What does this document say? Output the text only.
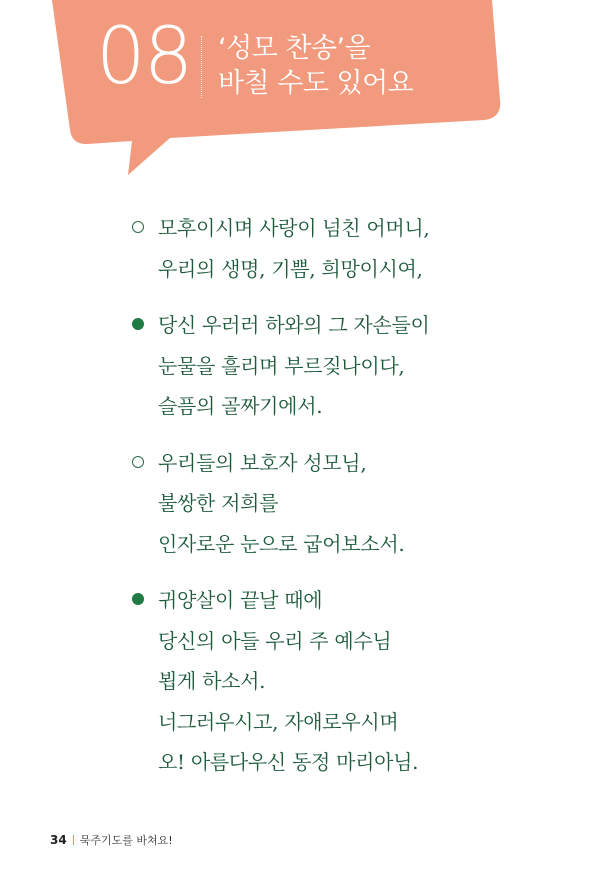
08 ‘성모 찬송’을
바칠 수도 있어요
모후이시며 사랑이 넘친 어머니,
우리의 생명, 기쁨, 희망이시여,
당신 우러러 하와의 그 자손들이
눈물을 흘리며 부르짖나이다,
슬픔의 골짜기에서.
우리들의 보호자 성모님,
불쌍한 저희를
인자로운 눈으로 굽어보소서.
귀양살이 끝날 때에
당신의 아들 우리 주 예수님
뵙게 하소서.
너그러우시고, 자애로우시며
오! 아름다우신 동정 마리아님.
34 묵주기도를 바쳐요!
